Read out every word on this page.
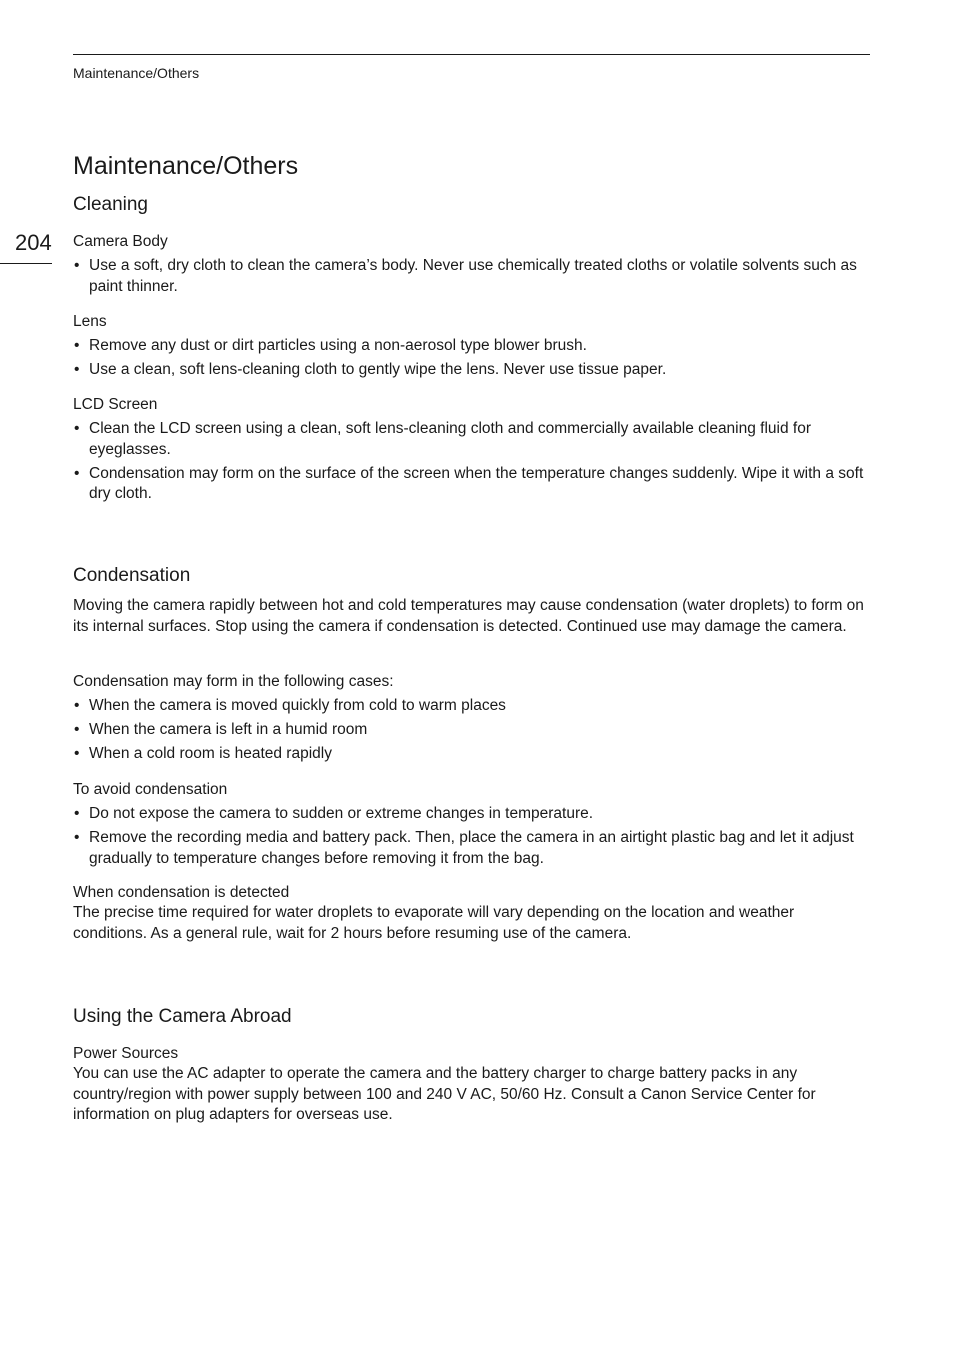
Maintenance/Others
204
Maintenance/Others
Cleaning
Camera Body
• Use a soft, dry cloth to clean the camera’s body. Never use chemically treated cloths or volatile solvents such as paint thinner.
Lens
• Remove any dust or dirt particles using a non-aerosol type blower brush.
• Use a clean, soft lens-cleaning cloth to gently wipe the lens. Never use tissue paper.
LCD Screen
• Clean the LCD screen using a clean, soft lens-cleaning cloth and commercially available cleaning fluid for eyeglasses.
• Condensation may form on the surface of the screen when the temperature changes suddenly. Wipe it with a soft dry cloth.
Condensation
Moving the camera rapidly between hot and cold temperatures may cause condensation (water droplets) to form on its internal surfaces. Stop using the camera if condensation is detected. Continued use may damage the camera.
Condensation may form in the following cases:
• When the camera is moved quickly from cold to warm places
• When the camera is left in a humid room
• When a cold room is heated rapidly
To avoid condensation
• Do not expose the camera to sudden or extreme changes in temperature.
• Remove the recording media and battery pack. Then, place the camera in an airtight plastic bag and let it adjust gradually to temperature changes before removing it from the bag.
When condensation is detected
The precise time required for water droplets to evaporate will vary depending on the location and weather conditions. As a general rule, wait for 2 hours before resuming use of the camera.
Using the Camera Abroad
Power Sources
You can use the AC adapter to operate the camera and the battery charger to charge battery packs in any country/region with power supply between 100 and 240 V AC, 50/60 Hz. Consult a Canon Service Center for information on plug adapters for overseas use.
